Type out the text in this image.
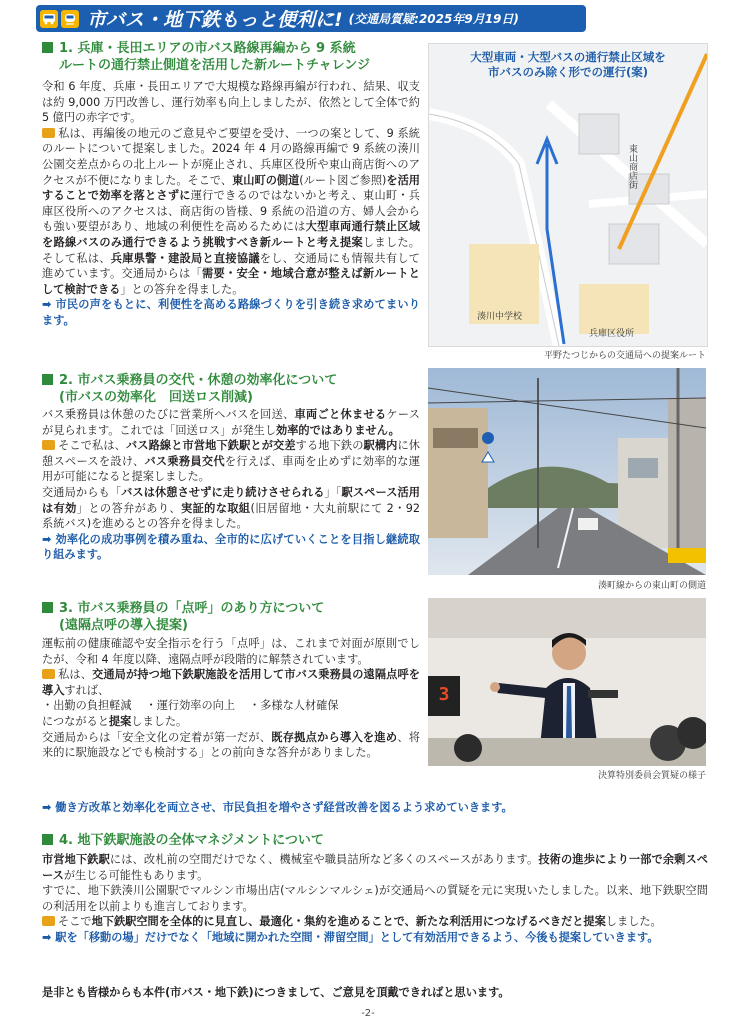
市バス・地下鉄もっと便利に! (交通局質疑:2025年9月19日)
1. 兵庫・長田エリアの市バス路線再編から 9 系統
ルートの通行禁止側道を活用した新ルートチャレンジ

令和 6 年度、兵庫・長田エリアで大規模な路線再編が行われ、結果、収支は約 9,000 万円改善し、運行効率も向上しましたが、依然として全体で約 5 億円の赤字です。

私は、再編後の地元のご意見やご要望を受け、一つの案として、9 系統のルートについて提案しました。2024 年 4 月の路線再編で 9 系統の湊川公園交差点からの北上ルートが廃止され、兵庫区役所や東山商店街へのアクセスが不便になりました。そこで、東山町の側道(ルート図ご参照)を活用することで効率を落とさずに運行できるのではないかと考え、東山町・兵庫区役所へのアクセスは、商店街の皆様、9 系統の沿道の方、婦人会からも強い要望があり、地域の利便性を高めるためには大型車両通行禁止区域を路線バスのみ通行できるよう挑戦すべき新ルートと考え提案しました。そして私は、兵庫県警・建設局と直接協議をし、交通局にも情報共有して進めています。交通局からは「需要・安全・地域合意が整えば新ルートとして検討できる」との答弁を得ました。

➡ 市民の声をもとに、利便性を高める路線づくりを引き続き求めてまいります。

大型車両・大型バスの通行禁止区域を
市バスのみ除く形での運行(案)
東山商店街
湊川中学校
兵庫区役所
平野たつじからの交通局への提案ルート
2. 市バス乗務員の交代・休憩の効率化について
(市バスの効率化　回送ロス削減)

バス乗務員は休憩のたびに営業所へバスを回送、車両ごと休ませるケースが見られます。これでは「回送ロス」が発生し効率的ではありません。

そこで私は、バス路線と市営地下鉄駅とが交差する地下鉄の駅構内に休憩スペースを設け、バス乗務員交代を行えば、車両を止めずに効率的な運用が可能になると提案しました。

交通局からも「バスは休憩させずに走り続けさせられる」「駅スペース活用は有効」との答弁があり、実証的な取組(旧居留地・大丸前駅にて 2・92 系統バス)を進めるとの答弁を得ました。

➡ 効率化の成功事例を積み重ね、全市的に広げていくことを目指し継続取り組みます。

湊町線からの東山町の側道
3. 市バス乗務員の「点呼」のあり方について
(遠隔点呼の導入提案)

運転前の健康確認や安全指示を行う「点呼」は、これまで対面が原則でしたが、令和 4 年度以降、遠隔点呼が段階的に解禁されています。

私は、交通局が持つ地下鉄駅施設を活用して市バス乗務員の遠隔点呼を導入すれば、

・出勤の負担軽減 ・運行効率の向上 ・多様な人材確保

につながると提案しました。

交通局からは「安全文化の定着が第一だが、既存拠点から導入を進め、将来的に駅施設などでも検討する」との前向きな答弁がありました。

➡ 働き方改革と効率化を両立させ、市民負担を増やさず経営改善を図るよう求めていきます。
3
決算特別委員会質疑の様子
4. 地下鉄駅施設の全体マネジメントについて

市営地下鉄駅には、改札前の空間だけでなく、機械室や職員詰所など多くのスペースがあります。技術の進歩により一部で余剰スペースが生じる可能性もあります。

すでに、地下鉄湊川公園駅でマルシン市場出店(マルシンマルシェ)が交通局への質疑を元に実現いたしました。以来、地下鉄駅空間の利活用を以前よりも進言しております。

そこで地下鉄駅空間を全体的に見直し、最適化・集約を進めることで、新たな利活用につなげるべきだと提案しました。

➡ 駅を「移動の場」だけでなく「地域に開かれた空間・滞留空間」として有効活用できるよう、今後も提案していきます。

是非とも皆様からも本件(市バス・地下鉄)につきまして、ご意見を頂戴できればと思います。
-2-
